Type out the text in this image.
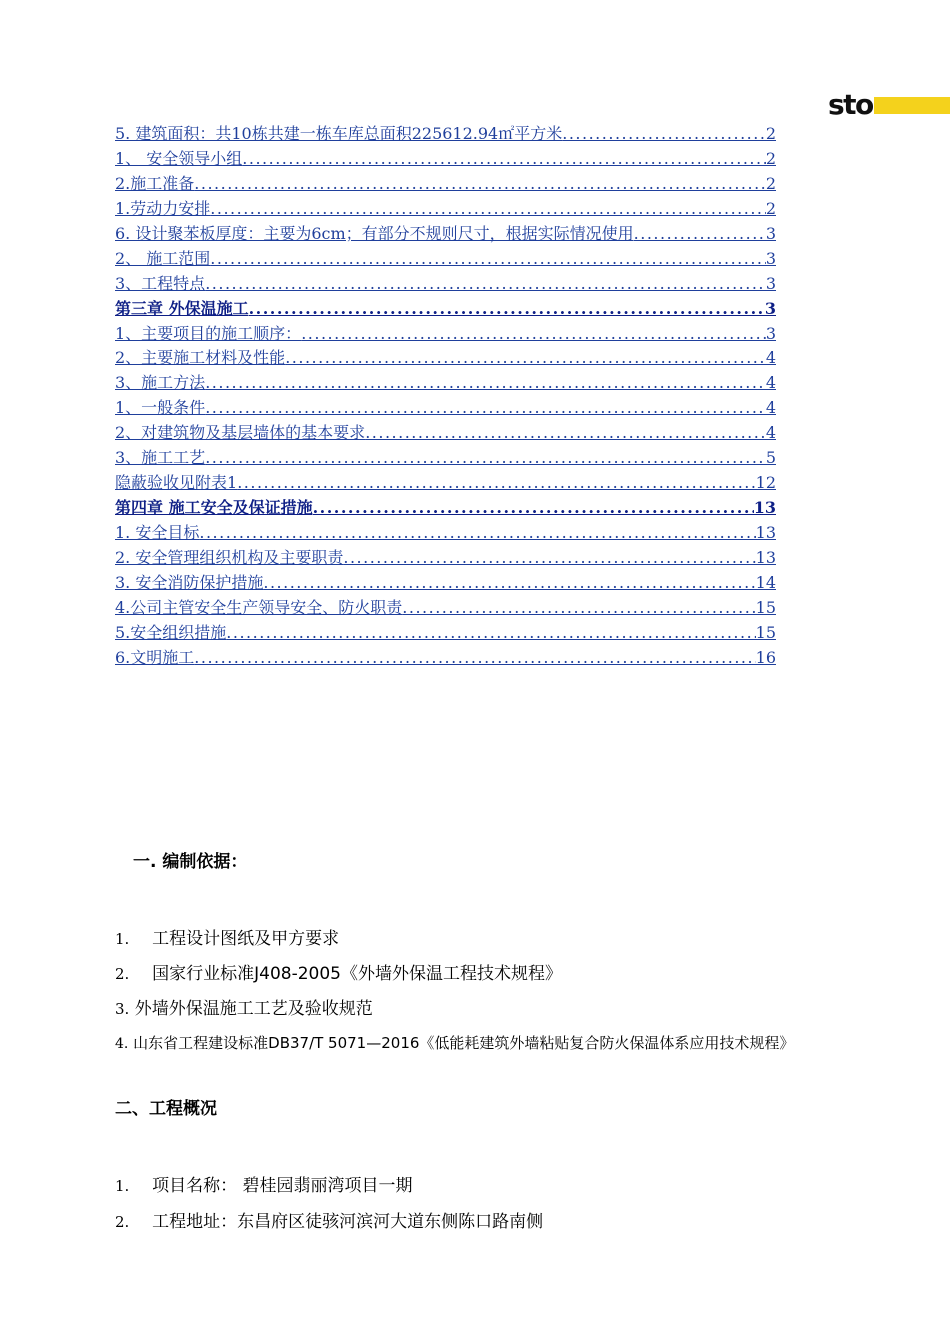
sto
5. 建筑面积：共10栋共建一栋车库总面积225612.94㎡平方米 .....	2
1、 安全领导小组 .....	2
2.施工准备 .....	2
1.劳动力安排 .....	2
6. 设计聚苯板厚度：主要为6cm；有部分不规则尺寸，根据实际情况使用 .....	3
2、 施工范围 .....	3
3、工程特点 .....	3
第三章 外保温施工 .....	3
1、主要项目的施工顺序： .....	3
2、主要施工材料及性能 .....	4
3、施工方法 .....	4
1、一般条件 .....	4
2、对建筑物及基层墙体的基本要求 .....	4
3、施工工艺 .....	5
隐蔽验收见附表1 .....	12
第四章 施工安全及保证措施 .....	13
1. 安全目标 .....	13
2. 安全管理组织机构及主要职责 .....	13
3. 安全消防保护措施 .....	14
4.公司主管安全生产领导安全、防火职责 .....	15
5.安全组织措施 .....	15
6.文明施工 .....	16
一. 编制依据：
1. 工程设计图纸及甲方要求
2. 国家行业标准J408-2005《外墙外保温工程技术规程》
3. 外墙外保温施工工艺及验收规范
4. 山东省工程建设标准DB37/T 5071—2016《低能耗建筑外墙粘贴复合防火保温体系应用技术规程》
二、工程概况
1. 项目名称： 碧桂园翡丽湾项目一期
2. 工程地址：东昌府区徒骇河滨河大道东侧陈口路南侧
